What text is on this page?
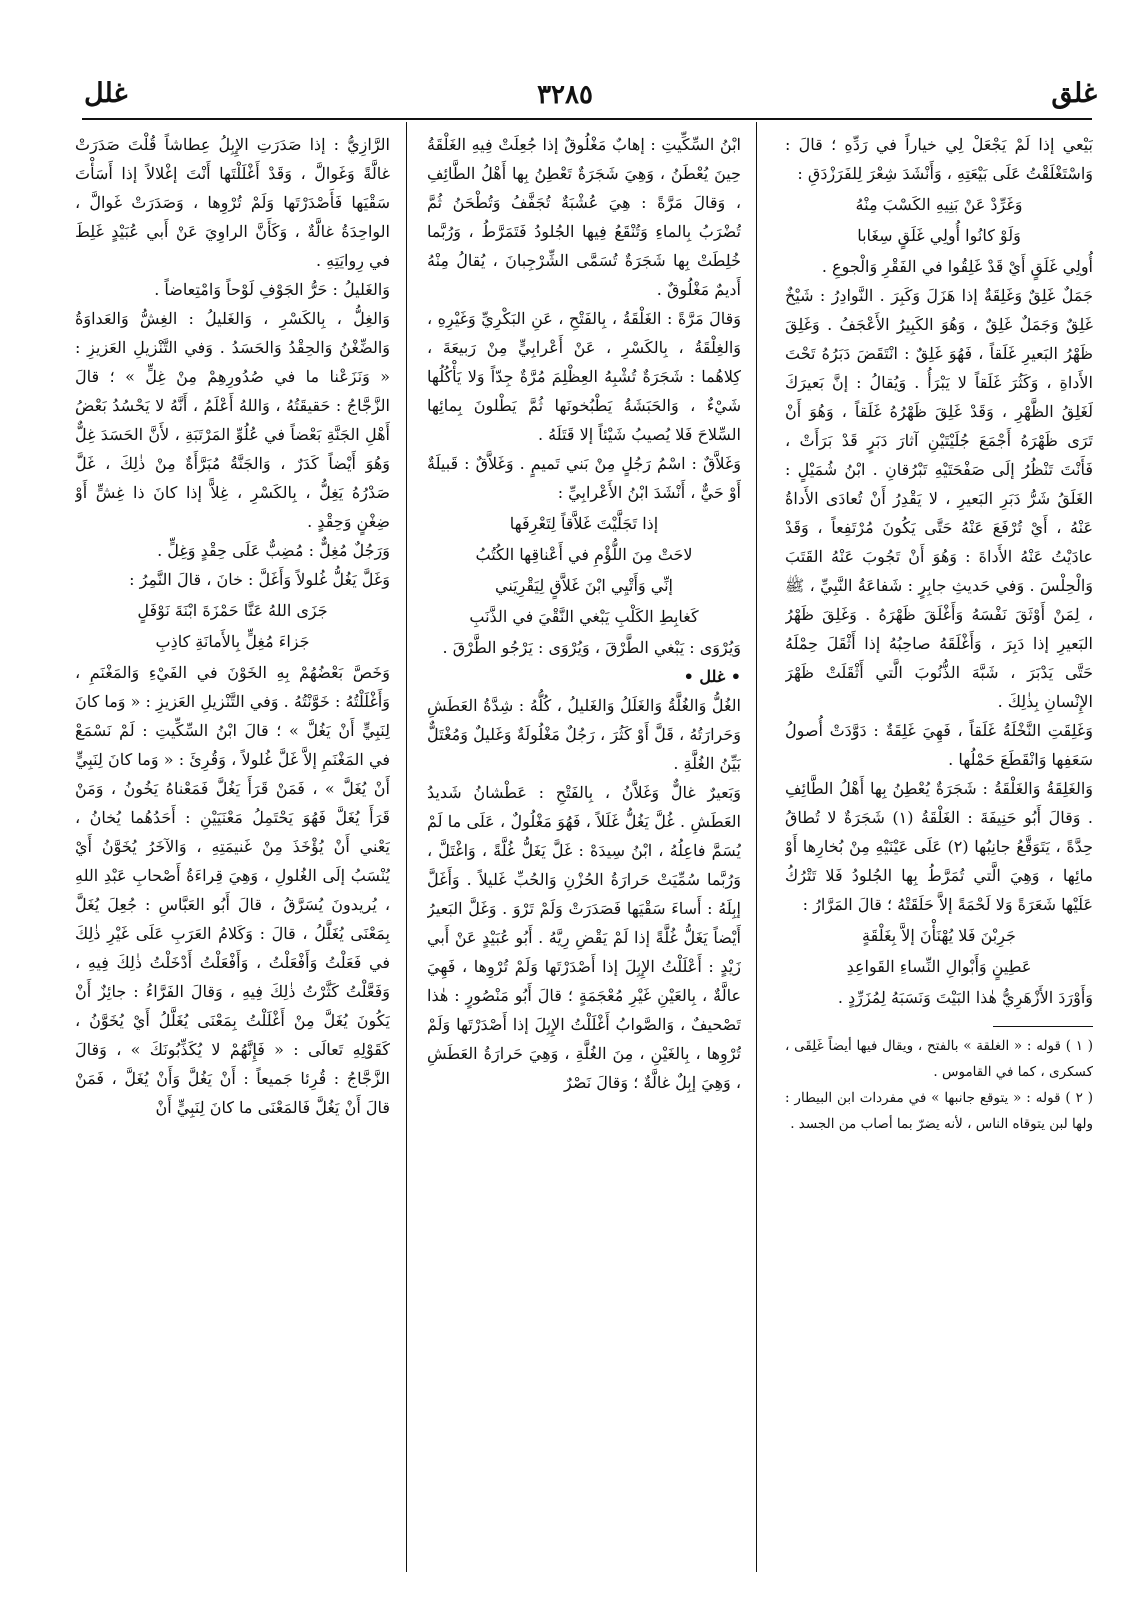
غلق
٣٢٨٥
غلل

بَيْعي إذا لَمْ يَجْعَلْ لِي خياراً في رَدِّهِ ؛ قالَ : وَاسْتَغْلَقْتُ عَلَى بَيْعَتِهِ ، وَأَنْشَدَ شِعْرَ لِلفَرَزْدَقِ :

وَغَرِّدْ عَنْ بَنِيهِ الكَسْبَ مِنْهُ

وَلَوْ كانُوا أُولِي غَلَقٍ سِغَابا

أُولِي غَلَقٍ أَيْ قَدْ غَلِقُوا في الفَقْرِ وَالْجوعِ .

جَمَلٌ غَلِقٌ وَغَلِقَةٌ إذا هَزَلَ وَكَبِرَ . النَّوادِرُ : شَيْخٌ غَلِقٌ وَجَمَلٌ غَلِقٌ ، وَهُوَ الكَبِيرُ الأَعْجَفُ . وَغَلِقَ ظَهْرُ البَعيرِ غَلَقاً ، فَهُوَ غَلِقٌ : انْتَقَضَ دَبَرُهُ تَحْتَ الأَداةِ ، وَكَثُرَ غَلَقاً لا يَبْرَأُ . وَيُقالُ : إنَّ بَعيرَكَ لَغَلِقُ الظَّهْرِ ، وَقَدْ غَلِقَ ظَهْرُهُ غَلَقاً ، وَهُوَ أَنْ تَرَى ظَهْرَهُ أَجْمَعَ جُلَيْتَيْنِ آثارَ دَبَرٍ قَدْ بَرَأَتْ ، فَأَنْتَ تَنْظُرُ إلَى صَفْحَتَيْهِ تَبْرُقانِ . ابْنُ شُمَيْلٍ : الغَلَقُ شَرُّ دَبَرِ البَعيرِ ، لا يَقْدِرُ أَنْ تُعادَى الأَداةُ عَنْهُ ، أَيْ تُرْفَعَ عَنْهُ حَتَّى يَكُونَ مُرْتَفِعاً ، وَقَدْ عادَيْتُ عَنْهُ الأَداةَ : وَهُوَ أَنْ تَجُوبَ عَنْهُ القَتَبَ وَالْحِلْسَ . وَفي حَديثِ جابِرٍ : شَفاعَةُ النَّبِيِّ ، ﷺ ، لِمَنْ أَوْثَقَ نَفْسَهُ وَأَغْلَقَ ظَهْرَهُ . وَغَلِقَ ظَهْرُ البَعيرِ إذا دَبِرَ ، وَأَغْلَقَهُ صاحِبُهُ إذا أَثْقَلَ حِمْلَهُ حَتَّى يَدْبَرَ ، شَبَّهَ الذُّنُوبَ الَّتي أَثْقَلَتْ ظَهْرَ الإِنْسانِ بِذٰلِكَ .

وَغَلِقَتِ النَّخْلَةُ غَلَقاً ، فَهِيَ غَلِقَةٌ : دَوَّدَتْ أُصولُ سَعَفِها وَانْقَطَعَ حَمْلُها .

وَالغَلِقَةُ وَالغَلْقَةُ : شَجَرَةٌ يُعْطِنُ بِها أَهْلُ الطَّائِفِ . وَقالَ أَبُو حَنِيفَةَ : الغَلْقَةُ (١) شَجَرَةٌ لا تُطاقُ حِدَّةً ، يَتَوَقَّعُ جانِبُها (٢) عَلَى عَيْنَيْهِ مِنْ بُخارِها أَوْ مائِها ، وَهِيَ الَّتي تُمَرَّطُ بِها الجُلودُ فَلا تَتْرُكُ عَلَيْها شَعَرَةً وَلا لَحْمَةً إلاَّ حَلَقَتْهُ ؛ قالَ المَرَّارُ :

جَرِبْنَ فَلا يُهْنَأْنَ إلاَّ بِغَلْقَةٍ

عَطِينٍ وَأَبْوالِ النِّساءِ القَواعِدِ

وَأَوْرَدَ الأَزْهَرِيُّ هٰذا البَيْتَ وَنَسَبَهُ لِمُزَرِّدٍ .

( ١ ) قوله : « الغلقة » بالفتح ، ويقال فيها أيضاً غَلِقَى ، كسكرى ، كما في القاموس .

( ٢ ) قوله : « يتوقع جانبها » في مفردات ابن البيطار : ولها لبن يتوقاه الناس ، لأنه يضرّ بما أصاب من الجسد .

ابْنُ السِّكِّيتِ : إهابٌ مَغْلُوقٌ إذا جُعِلَتْ فِيهِ الغَلْقَةُ حِينَ يُعْطَنُ ، وَهِيَ شَجَرَةٌ تَعْطِنُ بِها أَهْلُ الطَّائِفِ ، وَقالَ مَرَّةً : هِيَ عُشْبَةٌ تُجَفَّفُ وَتُطْحَنُ ثُمَّ تُضْرَبُ بِالماءِ وَتُنْقَعُ فِيها الجُلودُ فَتَمَرَّطُ ، وَرُبَّما خُلِطَتْ بِها شَجَرَةٌ تُسَمَّى الشِّرْجِبانَ ، يُقالُ مِنْهُ أَديمٌ مَغْلُوقٌ .

وَقالَ مَرَّةً : الغَلْقَةُ ، بِالفَتْحِ ، عَنِ البَكْرِيِّ وَغَيْرِهِ ، وَالغِلْقَةُ ، بِالكَسْرِ ، عَنْ أَعْرابِيٍّ مِنْ رَبيعَةَ ، كِلاهُما : شَجَرَةٌ تُشْبِهُ العِظْلِمَ مُرَّةٌ جِدّاً وَلا يَأْكُلُها شَيْءٌ ، وَالحَبَشَةُ يَطْبُخونَها ثُمَّ يَطْلونَ بِمائِها السِّلاحَ فَلا يُصيبُ شَيْئاً إلا قَتَلَهُ .

وَغَلاَّقٌ : اسْمُ رَجُلٍ مِنْ بَني تَميمٍ . وَغَلاَّقٌ : قَبيلَةٌ أَوْ حَيٌّ ، أَنْشَدَ ابْنُ الأَعْرابِيِّ :

إذا تَجَلَّيْتَ غَلاَّقاً لِتَعْرِفَها

لاحَتْ مِنَ اللُّؤْمِ في أَعْناقِها الكُتُبُ

إنِّي وَأَتْيِي ابْنَ غَلاَّقٍ لِيَقْرِيَني

كَغابِطِ الكَلْبِ يَبْغي النَّقْيَ في الذَّنَبِ

وَيُرْوَى : يَبْغي الطَّرْقَ ، وَيُرْوَى : يَرْجُو الطَّرْقَ .

• غلل •

الغُلُّ وَالغُلَّةُ وَالغَلَلُ وَالغَليلُ ، كُلُّهُ : شِدَّةُ العَطَشِ وَحَرارَتُهُ ، قَلَّ أَوْ كَثُرَ ، رَجُلٌ مَغْلُولَةٌ وَغَليلٌ وَمُغْتَلٌّ بَيِّنُ الغُلَّةِ .

وَبَعيرٌ غالٌّ وَغَلاَّنُ ، بِالفَتْحِ : عَطْشانُ شَديدُ العَطَشِ . غُلَّ يَغُلُّ غَلَلاً ، فَهُوَ مَغْلُولٌ ، عَلَى ما لَمْ يُسَمَّ فاعِلُهُ ، ابْنُ سِيدَهْ : غَلَّ يَغَلُّ غُلَّةً ، وَاغْتَلَّ ، وَرُبَّما سُمِّيَتْ حَرارَةُ الحُزْنِ وَالحُبِّ غَليلاً . وَأَغَلَّ إبِلَهُ : أَساءَ سَقْيَها فَصَدَرَتْ وَلَمْ تَرْوَ . وَغَلَّ البَعيرُ أَيْضاً يَغَلُّ غُلَّةً إذا لَمْ يَقْضِ رِيَّهُ . أَبُو عُبَيْدٍ عَنْ أَبي زَيْدٍ : أَعْلَلْتُ الإِبِلَ إذا أَصْدَرْتَها وَلَمْ تُرْوِها ، فَهِيَ عالَّةٌ ، بِالعَيْنِ غَيْرِ مُعْجَمَةٍ ؛ قالَ أَبُو مَنْصُورٍ : هٰذا تَصْحيفٌ ، وَالصَّوابُ أَغْلَلْتُ الإِبِلَ إذا أَصْدَرْتَها وَلَمْ تُرْوِها ، بِالغَيْنِ ، مِنَ الغُلَّةِ ، وَهِيَ حَرارَةُ العَطَشِ ، وَهِيَ إبِلٌ غالَّةٌ ؛ وَقالَ نَصْرٌ

الرَّازِيُّ : إذا صَدَرَتِ الإِبِلُ عِطاشاً قُلْتَ صَدَرَتْ غالَّةً وَغَوالَّ ، وَقَدْ أَغْلَلْتَها أَنْتَ إغْلالاً إذا أَسَأْتَ سَقْيَها فَأَصْدَرْتَها وَلَمْ تُرْوِها ، وَصَدَرَتْ غَوالَّ ، الواحِدَةُ غالَّةٌ ، وَكَأَنَّ الراوِيَ عَنْ أَبي عُبَيْدٍ غَلِطَ في رِوايَتِهِ .

وَالغَليلُ : حَرُّ الجَوْفِ لَوْحاً وَامْتِعاضاً .

وَالغِلُّ ، بِالكَسْرِ ، وَالغَليلُ : الغِشُّ وَالعَداوَةُ وَالضِّغْنُ وَالحِقْدُ وَالحَسَدُ . وَفي التَّنْزيلِ العَزيزِ : « وَنَزَعْنا ما في صُدُورِهِمْ مِنْ غِلٍّ » ؛ قالَ الزَّجَّاجُ : حَقيقَتُهُ ، وَاللهُ أَعْلَمُ ، أَنَّهُ لا يَحْسُدُ بَعْضُ أَهْلِ الجَنَّةِ بَعْضاً في عُلُوِّ المَرْتَبَةِ ، لأَنَّ الحَسَدَ غِلٌّ وَهُوَ أَيْضاً كَدَرٌ ، وَالجَنَّةُ مُبَرَّأَةٌ مِنْ ذٰلِكَ ، غَلَّ صَدْرُهُ يَغِلُّ ، بِالكَسْرِ ، غِلاًّ إذا كانَ ذا غِشٍّ أَوْ ضِغْنٍ وَحِقْدٍ .

وَرَجُلٌ مُغِلٌّ : مُضِبٌّ عَلَى حِقْدٍ وَغِلٍّ .

وَغَلَّ يَغُلُّ غُلولاً وَأَغَلَّ : خانَ ، قالَ النَّمِرُ :

جَزَى اللهُ عَنَّا حَمْزَةَ ابْنَةَ نَوْفَلٍ

جَزاءَ مُغِلٍّ بِالأَمانَةِ كاذِبِ

وَخَصَّ بَعْضُهُمْ بِهِ الخَوْنَ في الفَيْءِ وَالمَغْنَمِ ، وَأَغْلَلْتُهُ : خَوَّنْتُهُ . وَفي التَّنْزيلِ العَزيزِ : « وَما كانَ لِنَبِيٍّ أَنْ يَغُلَّ » ؛ قالَ ابْنُ السِّكِّيتِ : لَمْ نَسْمَعْ في المَغْنَمِ إلاَّ غَلَّ غُلولاً ، وَقُرِئَ : « وَما كانَ لِنَبِيٍّ أَنْ يُغَلَّ » ، فَمَنْ قَرَأَ يَغُلَّ فَمَعْناهُ يَخُونُ ، وَمَنْ قَرَأَ يُغَلَّ فَهُوَ يَحْتَمِلُ مَعْنَيَيْنِ : أَحَدُهُما يُخانُ ، يَعْني أَنْ يُؤْخَذَ مِنْ غَنيمَتِهِ ، وَالآخَرُ يُخَوَّنُ أَيْ يُنْسَبُ إلَى الغُلولِ ، وَهِيَ قِراءَةُ أَصْحابِ عَبْدِ اللهِ ، يُريدونَ يُسَرَّقُ ، قالَ أَبُو العَبَّاسِ : جُعِلَ يُغَلَّ بِمَعْنَى يُغَلَّلُ ، قالَ : وَكَلامُ العَرَبِ عَلَى غَيْرِ ذٰلِكَ في فَعَلْتُ وَأَفْعَلْتُ ، وَأَفْعَلْتُ أَدْخَلْتُ ذٰلِكَ فِيهِ ، وَفَعَّلْتُ كَثَّرْتُ ذٰلِكَ فِيهِ ، وَقالَ الفَرَّاءُ : جائِزٌ أَنْ يَكُونَ يُغَلَّ مِنْ أَغْلَلْتُ بِمَعْنَى يُغَلَّلُ أَيْ يُخَوَّنُ ، كَقَوْلِهِ تَعالَى : « فَإِنَّهُمْ لا يُكَذِّبُونَكَ » ، وَقالَ الزَّجَّاجُ : قُرِئا جَميعاً : أَنْ يَغُلَّ وَأَنْ يُغَلَّ ، فَمَنْ قالَ أَنْ يَغُلَّ فَالمَعْنَى ما كانَ لِنَبِيٍّ أَنْ
